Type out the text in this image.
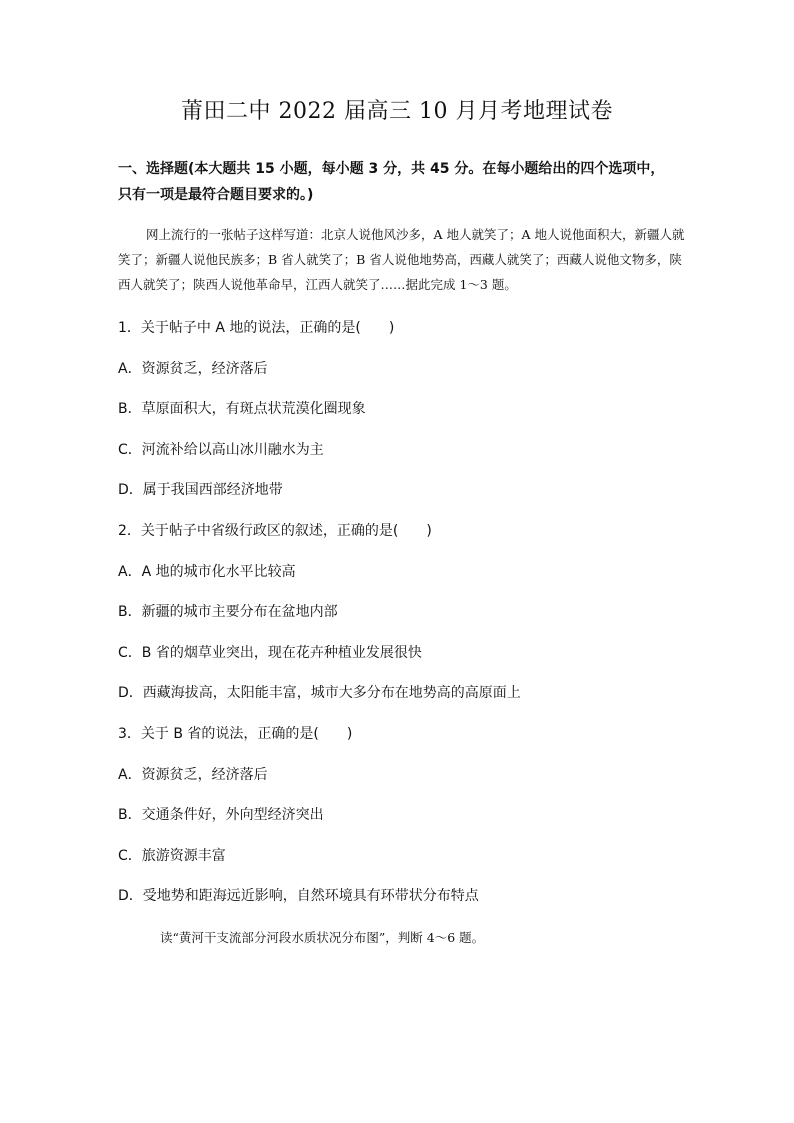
莆田二中 2022 届高三 10 月月考地理试卷
一、选择题(本大题共 15 小题，每小题 3 分，共 45 分。在每小题给出的四个选项中，只有一项是最符合题目要求的。)
网上流行的一张帖子这样写道：北京人说他风沙多，A 地人就笑了；A 地人说他面积大，新疆人就笑了；新疆人说他民族多；B 省人就笑了；B 省人说他地势高，西藏人就笑了；西藏人说他文物多，陕西人就笑了；陕西人说他革命早，江西人就笑了……据此完成 1～3 题。
1．关于帖子中 A 地的说法，正确的是(　　)
A．资源贫乏，经济落后
B．草原面积大，有斑点状荒漠化圈现象
C．河流补给以高山冰川融水为主
D．属于我国西部经济地带
2．关于帖子中省级行政区的叙述，正确的是(　　)
A．A 地的城市化水平比较高
B．新疆的城市主要分布在盆地内部
C．B 省的烟草业突出，现在花卉种植业发展很快
D．西藏海拔高，太阳能丰富，城市大多分布在地势高的高原面上
3．关于 B 省的说法，正确的是(　　)
A．资源贫乏，经济落后
B．交通条件好，外向型经济突出
C．旅游资源丰富
D．受地势和距海远近影响，自然环境具有环带状分布特点
读“黄河干支流部分河段水质状况分布图”，判断 4～6 题。
